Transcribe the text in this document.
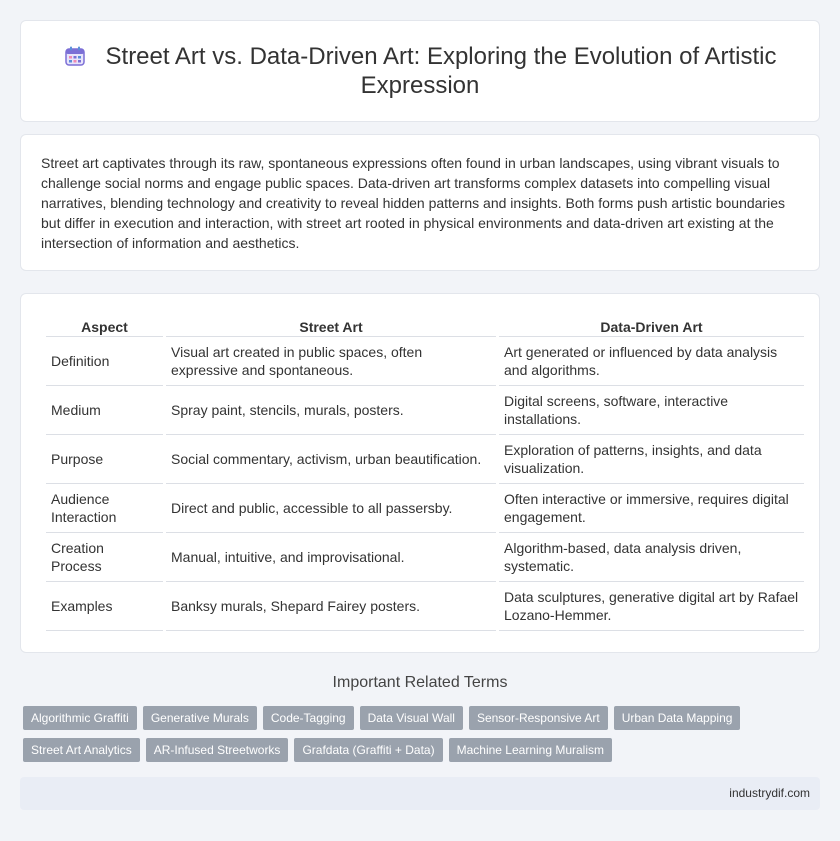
Street Art vs. Data-Driven Art: Exploring the Evolution of Artistic Expression

Street art captivates through its raw, spontaneous expressions often found in urban landscapes, using vibrant visuals to challenge social norms and engage public spaces. Data-driven art transforms complex datasets into compelling visual narratives, blending technology and creativity to reveal hidden patterns and insights. Both forms push artistic boundaries but differ in execution and interaction, with street art rooted in physical environments and data-driven art existing at the intersection of information and aesthetics.

Aspect	Street Art	Data-Driven Art
Definition	Visual art created in public spaces, often expressive and spontaneous.	Art generated or influenced by data analysis and algorithms.
Medium	Spray paint, stencils, murals, posters.	Digital screens, software, interactive installations.
Purpose	Social commentary, activism, urban beautification.	Exploration of patterns, insights, and data visualization.
Audience Interaction	Direct and public, accessible to all passersby.	Often interactive or immersive, requires digital engagement.
Creation Process	Manual, intuitive, and improvisational.	Algorithm-based, data analysis driven, systematic.
Examples	Banksy murals, Shepard Fairey posters.	Data sculptures, generative digital art by Rafael Lozano-Hemmer.
Important Related Terms
Algorithmic Graffiti	Generative Murals	Code-Tagging	Data Visual Wall	Sensor-Responsive Art	Urban Data Mapping
Street Art Analytics	AR-Infused Streetworks	Grafdata (Graffiti + Data)	Machine Learning Muralism
industrydif.com
